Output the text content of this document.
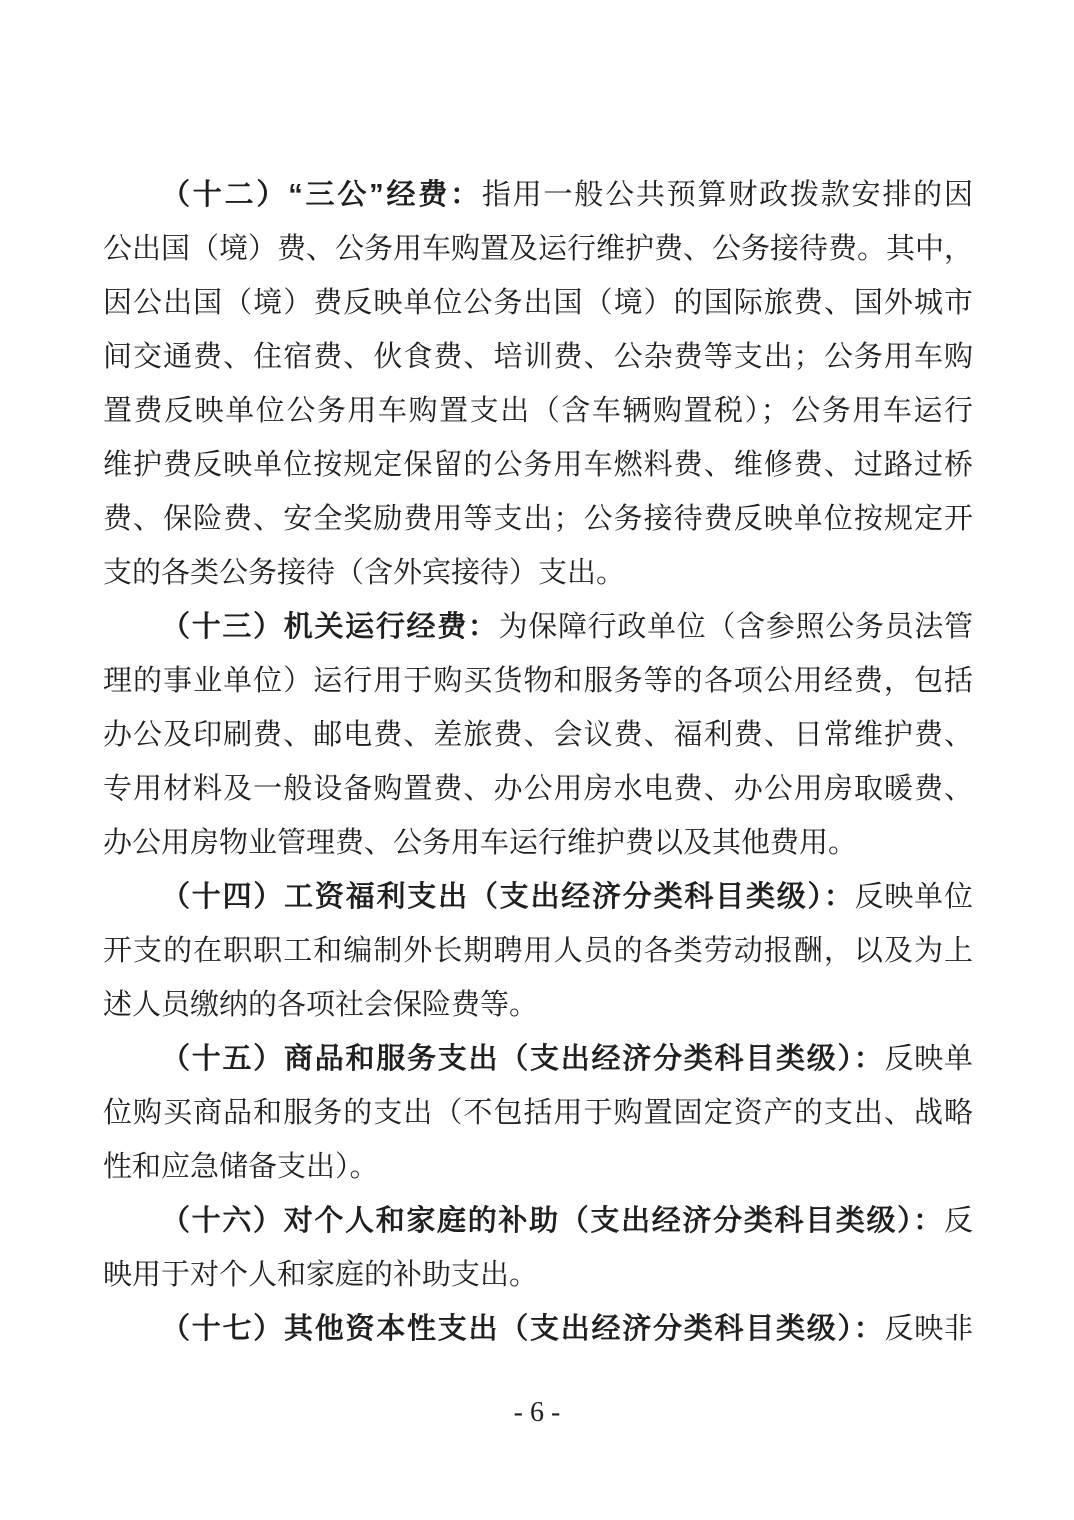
（十二）“三公”经费：指用一般公共预算财政拨款安排的因
公出国（境）费、公务用车购置及运行维护费、公务接待费。其中，
因公出国（境）费反映单位公务出国（境）的国际旅费、国外城市
间交通费、住宿费、伙食费、培训费、公杂费等支出；公务用车购
置费反映单位公务用车购置支出（含车辆购置税）；公务用车运行
维护费反映单位按规定保留的公务用车燃料费、维修费、过路过桥
费、保险费、安全奖励费用等支出；公务接待费反映单位按规定开
支的各类公务接待（含外宾接待）支出。
（十三）机关运行经费：为保障行政单位（含参照公务员法管
理的事业单位）运行用于购买货物和服务等的各项公用经费，包括
办公及印刷费、邮电费、差旅费、会议费、福利费、日常维护费、
专用材料及一般设备购置费、办公用房水电费、办公用房取暖费、
办公用房物业管理费、公务用车运行维护费以及其他费用。
（十四）工资福利支出（支出经济分类科目类级）：反映单位
开支的在职职工和编制外长期聘用人员的各类劳动报酬，以及为上
述人员缴纳的各项社会保险费等。
（十五）商品和服务支出（支出经济分类科目类级）：反映单
位购买商品和服务的支出（不包括用于购置固定资产的支出、战略
性和应急储备支出）。
（十六）对个人和家庭的补助（支出经济分类科目类级）：反
映用于对个人和家庭的补助支出。
（十七）其他资本性支出（支出经济分类科目类级）：反映非
- 6 -
